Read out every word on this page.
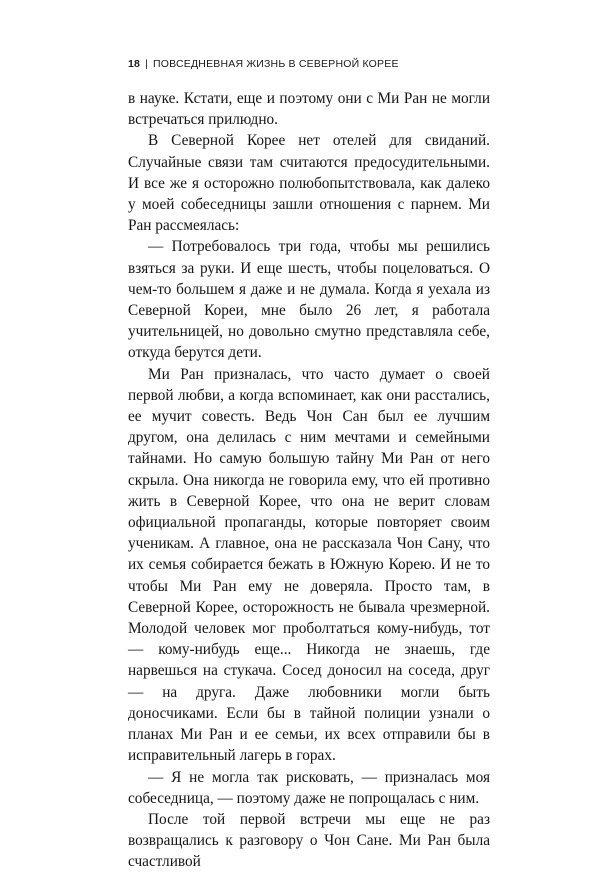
18 | ПОВСЕДНЕВНАЯ ЖИЗНЬ В СЕВЕРНОЙ КОРЕЕ

в науке. Кстати, еще и поэтому они с Ми Ран не могли встречаться прилюдно.

В Северной Корее нет отелей для свиданий. Случайные связи там считаются предосудительными. И все же я осторожно полюбопытствовала, как далеко у моей собеседницы зашли отношения с парнем. Ми Ран рассмеялась:

— Потребовалось три года, чтобы мы решились взяться за руки. И еще шесть, чтобы поцеловаться. О чем-то большем я даже и не думала. Когда я уехала из Северной Кореи, мне было 26 лет, я работала учительницей, но довольно смутно представляла себе, откуда берутся дети.

Ми Ран призналась, что часто думает о своей первой любви, а когда вспоминает, как они расстались, ее мучит совесть. Ведь Чон Сан был ее лучшим другом, она делилась с ним мечтами и семейными тайнами. Но самую большую тайну Ми Ран от него скрыла. Она никогда не говорила ему, что ей противно жить в Северной Корее, что она не верит словам официальной пропаганды, которые повторяет своим ученикам. А главное, она не рассказала Чон Сану, что их семья собирается бежать в Южную Корею. И не то чтобы Ми Ран ему не доверяла. Просто там, в Северной Корее, осторожность не бывала чрезмерной. Молодой человек мог проболтаться кому-нибудь, тот — кому-нибудь еще... Никогда не знаешь, где нарвешься на стукача. Сосед доносил на соседа, друг — на друга. Даже любовники могли быть доносчиками. Если бы в тайной полиции узнали о планах Ми Ран и ее семьи, их всех отправили бы в исправительный лагерь в горах.

— Я не могла так рисковать, — призналась моя собеседница, — поэтому даже не попрощалась с ним.

После той первой встречи мы еще не раз возвращались к разговору о Чон Сане. Ми Ран была счастливой
